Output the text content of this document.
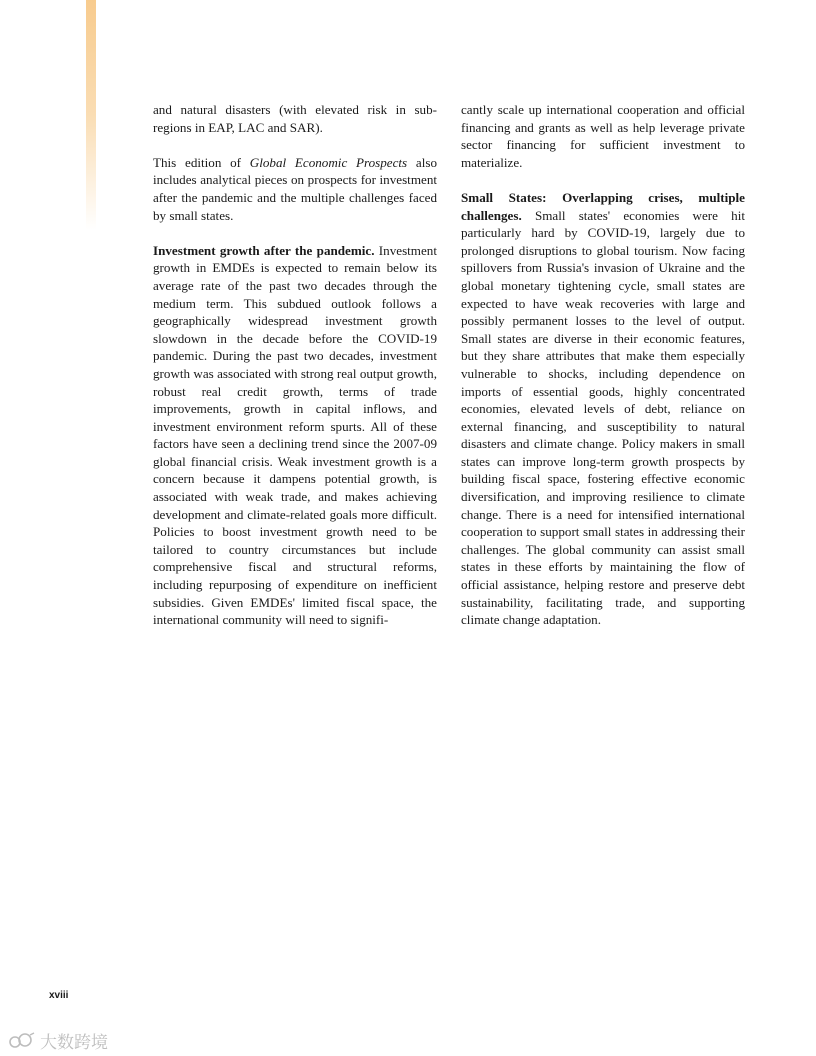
and natural disasters (with elevated risk in sub-regions in EAP, LAC and SAR).

This edition of Global Economic Prospects also includes analytical pieces on prospects for investment after the pandemic and the multiple challenges faced by small states.

Investment growth after the pandemic. Investment growth in EMDEs is expected to remain below its average rate of the past two decades through the medium term. This subdued outlook follows a geographically widespread investment growth slowdown in the decade before the COVID-19 pandemic. During the past two decades, investment growth was associated with strong real output growth, robust real credit growth, terms of trade improvements, growth in capital inflows, and investment environment reform spurts. All of these factors have seen a declining trend since the 2007-09 global financial crisis. Weak investment growth is a concern because it dampens potential growth, is associated with weak trade, and makes achieving development and climate-related goals more difficult. Policies to boost investment growth need to be tailored to country circumstances but include comprehensive fiscal and structural reforms, including repurposing of expenditure on inefficient subsidies. Given EMDEs' limited fiscal space, the international community will need to signifi-

cantly scale up international cooperation and official financing and grants as well as help leverage private sector financing for sufficient investment to materialize.

Small States: Overlapping crises, multiple challenges. Small states' economies were hit particularly hard by COVID-19, largely due to prolonged disruptions to global tourism. Now facing spillovers from Russia's invasion of Ukraine and the global monetary tightening cycle, small states are expected to have weak recoveries with large and possibly permanent losses to the level of output. Small states are diverse in their economic features, but they share attributes that make them especially vulnerable to shocks, including dependence on imports of essential goods, highly concentrated economies, elevated levels of debt, reliance on external financing, and susceptibility to natural disasters and climate change. Policy makers in small states can improve long-term growth prospects by building fiscal space, fostering effective economic diversification, and improving resilience to climate change. There is a need for intensified international cooperation to support small states in addressing their challenges. The global community can assist small states in these efforts by maintaining the flow of official assistance, helping restore and preserve debt sustainability, facilitating trade, and supporting climate change adaptation.

xviii
大数跨境
